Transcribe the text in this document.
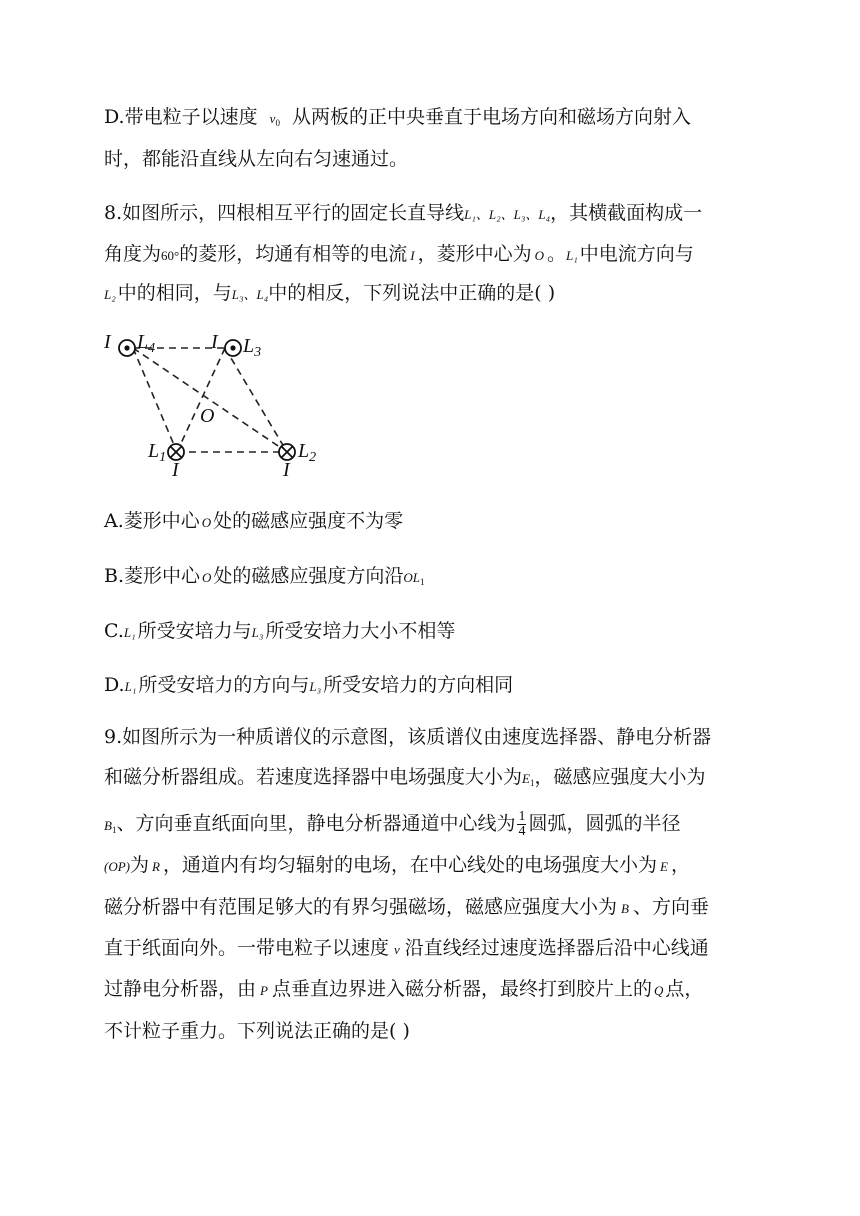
D.带电粒子以速度 $v_0$ 从两板的正中央垂直于电场方向和磁场方向射入
时，都能沿直线从左向右匀速通过。
8.如图所示，四根相互平行的固定长直导线L₁、L₂、L₃、L₄，其横截面构成一
角度为60°的菱形，均通有相等的电流 I ，菱形中心为 O 。L₁ 中电流方向与
L₂ 中的相同，与L₃、L₄中的相反，下列说法中正确的是( )
I $L_4$	I $L_3$
O
$L_1$
I
$L_2$
I
A.菱形中心 O 处的磁感应强度不为零
B.菱形中心 O 处的磁感应强度方向沿$OL_1$
C.L₁ 所受安培力与L₃ 所受安培力大小不相等
D.L₁ 所受安培力的方向与L₃ 所受安培力的方向相同
9.如图所示为一种质谱仪的示意图，该质谱仪由速度选择器、静电分析器
和磁分析器组成。若速度选择器中电场强度大小为$E_1$，磁感应强度大小为
$B_1$、方向垂直纸面向里，静电分析器通道中心线为 $\frac{1}{4}$ 圆弧，圆弧的半径
(OP)为 R ，通道内有均匀辐射的电场，在中心线处的电场强度大小为 E ，
磁分析器中有范围足够大的有界匀强磁场，磁感应强度大小为 B 、方向垂
直于纸面向外。一带电粒子以速度 v 沿直线经过速度选择器后沿中心线通
过静电分析器，由 P 点垂直边界进入磁分析器，最终打到胶片上的 Q 点，
不计粒子重力。下列说法正确的是( )
